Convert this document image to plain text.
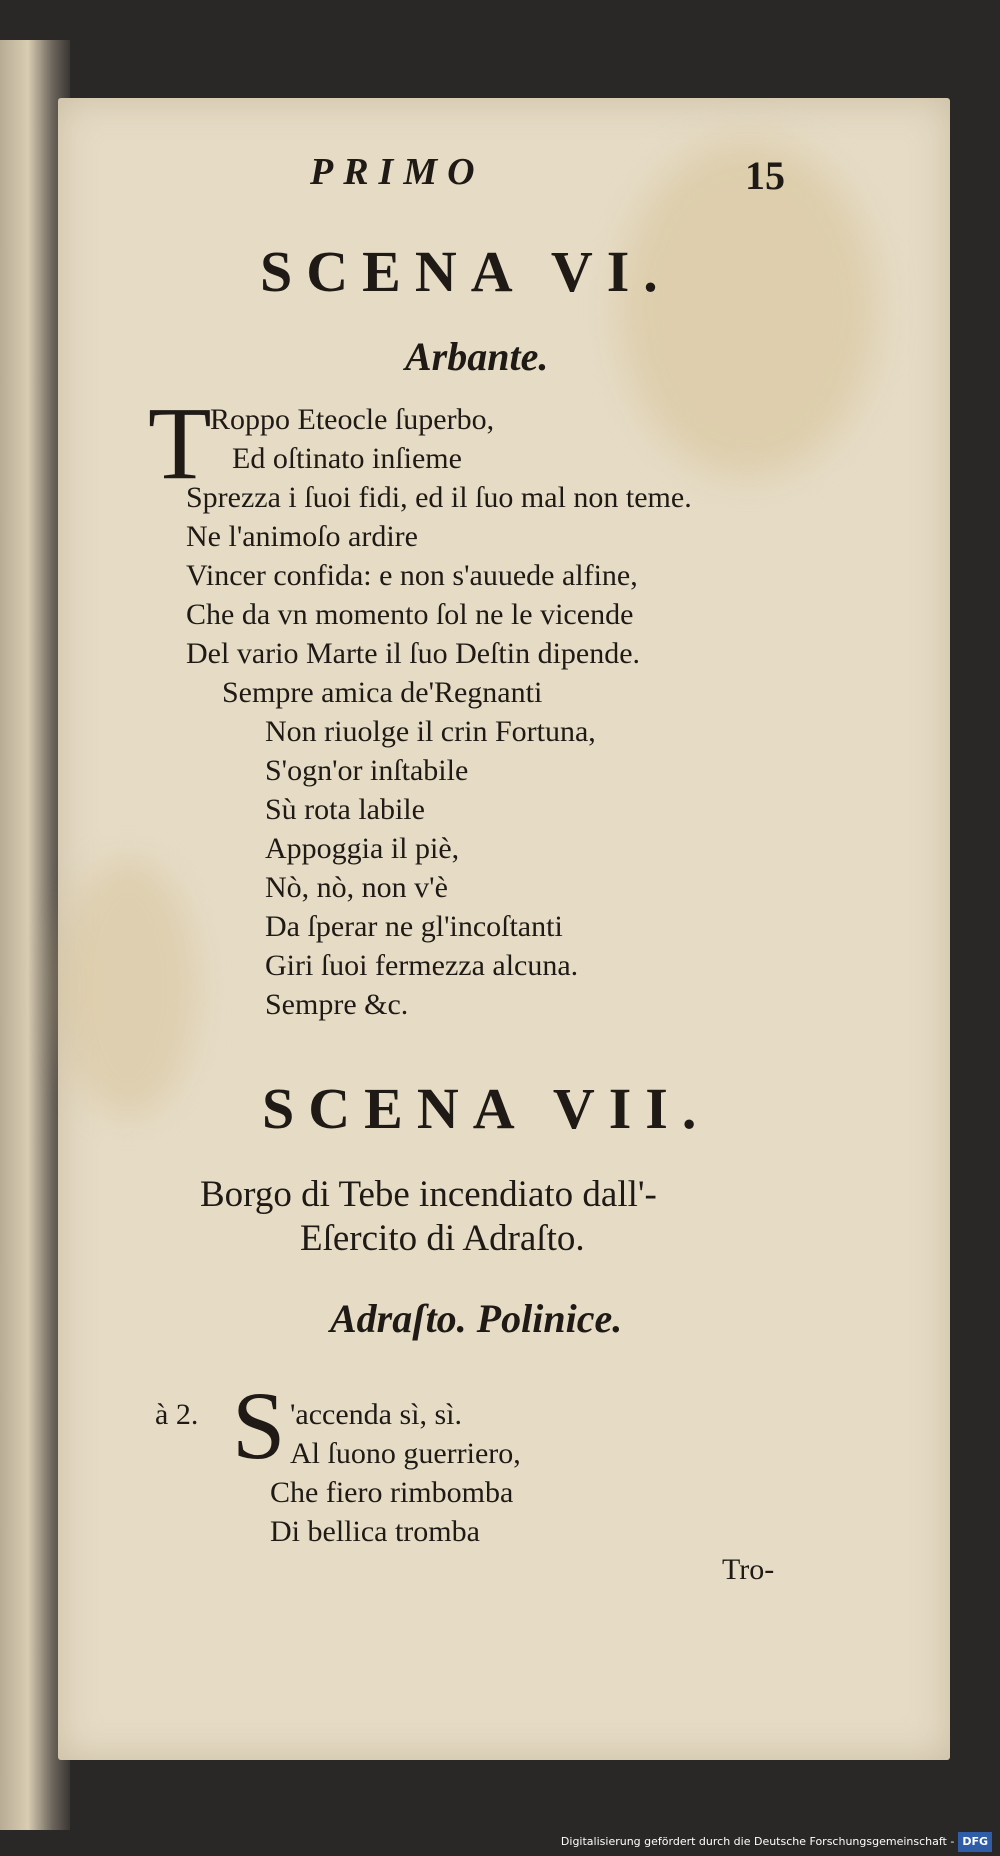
PRIMO	15
SCENA VI.
Arbante.
T
Roppo Eteocle ſuperbo,
Ed oſtinato inſieme
Sprezza i ſuoi fidi, ed il ſuo mal non teme.
Ne l'animoſo ardire
Vincer confida: e non s'auuede alfine,
Che da vn momento ſol ne le vicende
Del vario Marte il ſuo Deſtin dipende.
Sempre amica de'Regnanti
Non riuolge il crin Fortuna,
S'ogn'or inſtabile
Sù rota labile
Appoggia il piè,
Nò, nò, non v'è
Da ſperar ne gl'incoſtanti
Giri ſuoi fermezza alcuna.
Sempre &c.
SCENA VII.
Borgo di Tebe incendiato dall'-
Eſercito di Adraſto.
Adraſto. Polinice.
à 2. S 'accenda sì, sì.
Al ſuono guerriero,
Che fiero rimbomba
Di bellica tromba
Tro-
Digitalisierung gefördert durch die Deutsche Forschungsgemeinschaft - DFG
